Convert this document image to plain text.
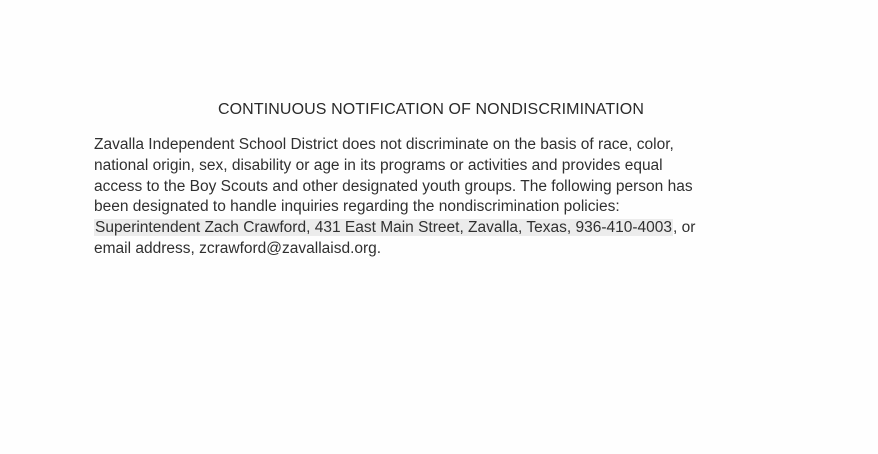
CONTINUOUS NOTIFICATION OF NONDISCRIMINATION
Zavalla Independent School District does not discriminate on the basis of race, color,
national origin, sex, disability or age in its programs or activities and provides equal
access to the Boy Scouts and other designated youth groups. The following person has
been designated to handle inquiries regarding the nondiscrimination policies:
Superintendent Zach Crawford, 431 East Main Street, Zavalla, Texas, 936-410-4003, or
email address, zcrawford@zavallaisd.org.
